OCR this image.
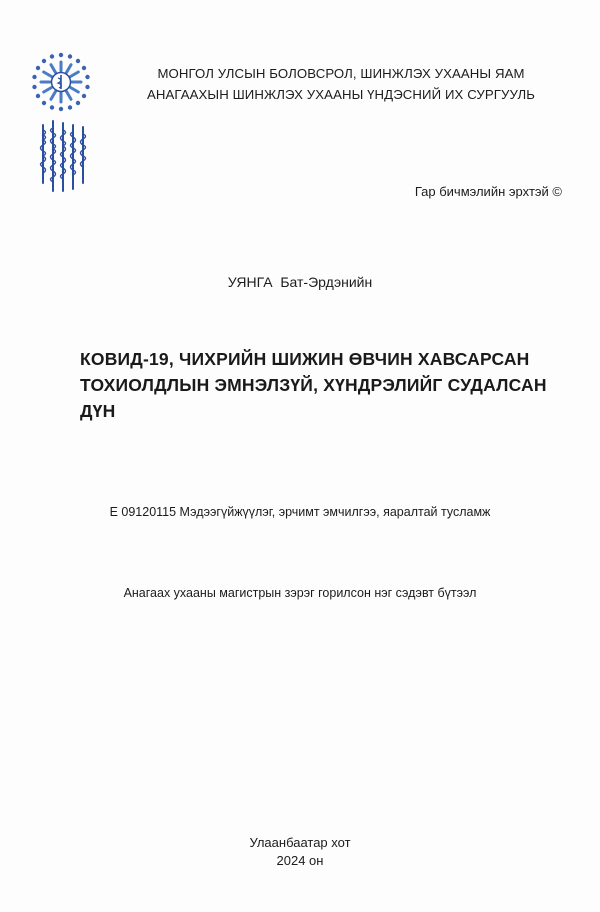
МОНГОЛ УЛСЫН БОЛОВСРОЛ, ШИНЖЛЭХ УХААНЫ ЯАМ
АНАГААХЫН ШИНЖЛЭХ УХААНЫ ҮНДЭСНИЙ ИХ СУРГУУЛЬ
Гар бичмэлийн эрхтэй ©
УЯНГА  Бат-Эрдэнийн
КОВИД-19, ЧИХРИЙН ШИЖИН ӨВЧИН ХАВСАРСАН
ТОХИОЛДЛЫН ЭМНЭЛЗҮЙ, ХҮНДРЭЛИЙГ СУДАЛСАН
ДҮН
E 09120115 Мэдээгүйжүүлэг, эрчимт эмчилгээ, яаралтай тусламж
Анагаах ухааны магистрын зэрэг горилсон нэг сэдэвт бүтээл
Улаанбаатар хот
2024 он
